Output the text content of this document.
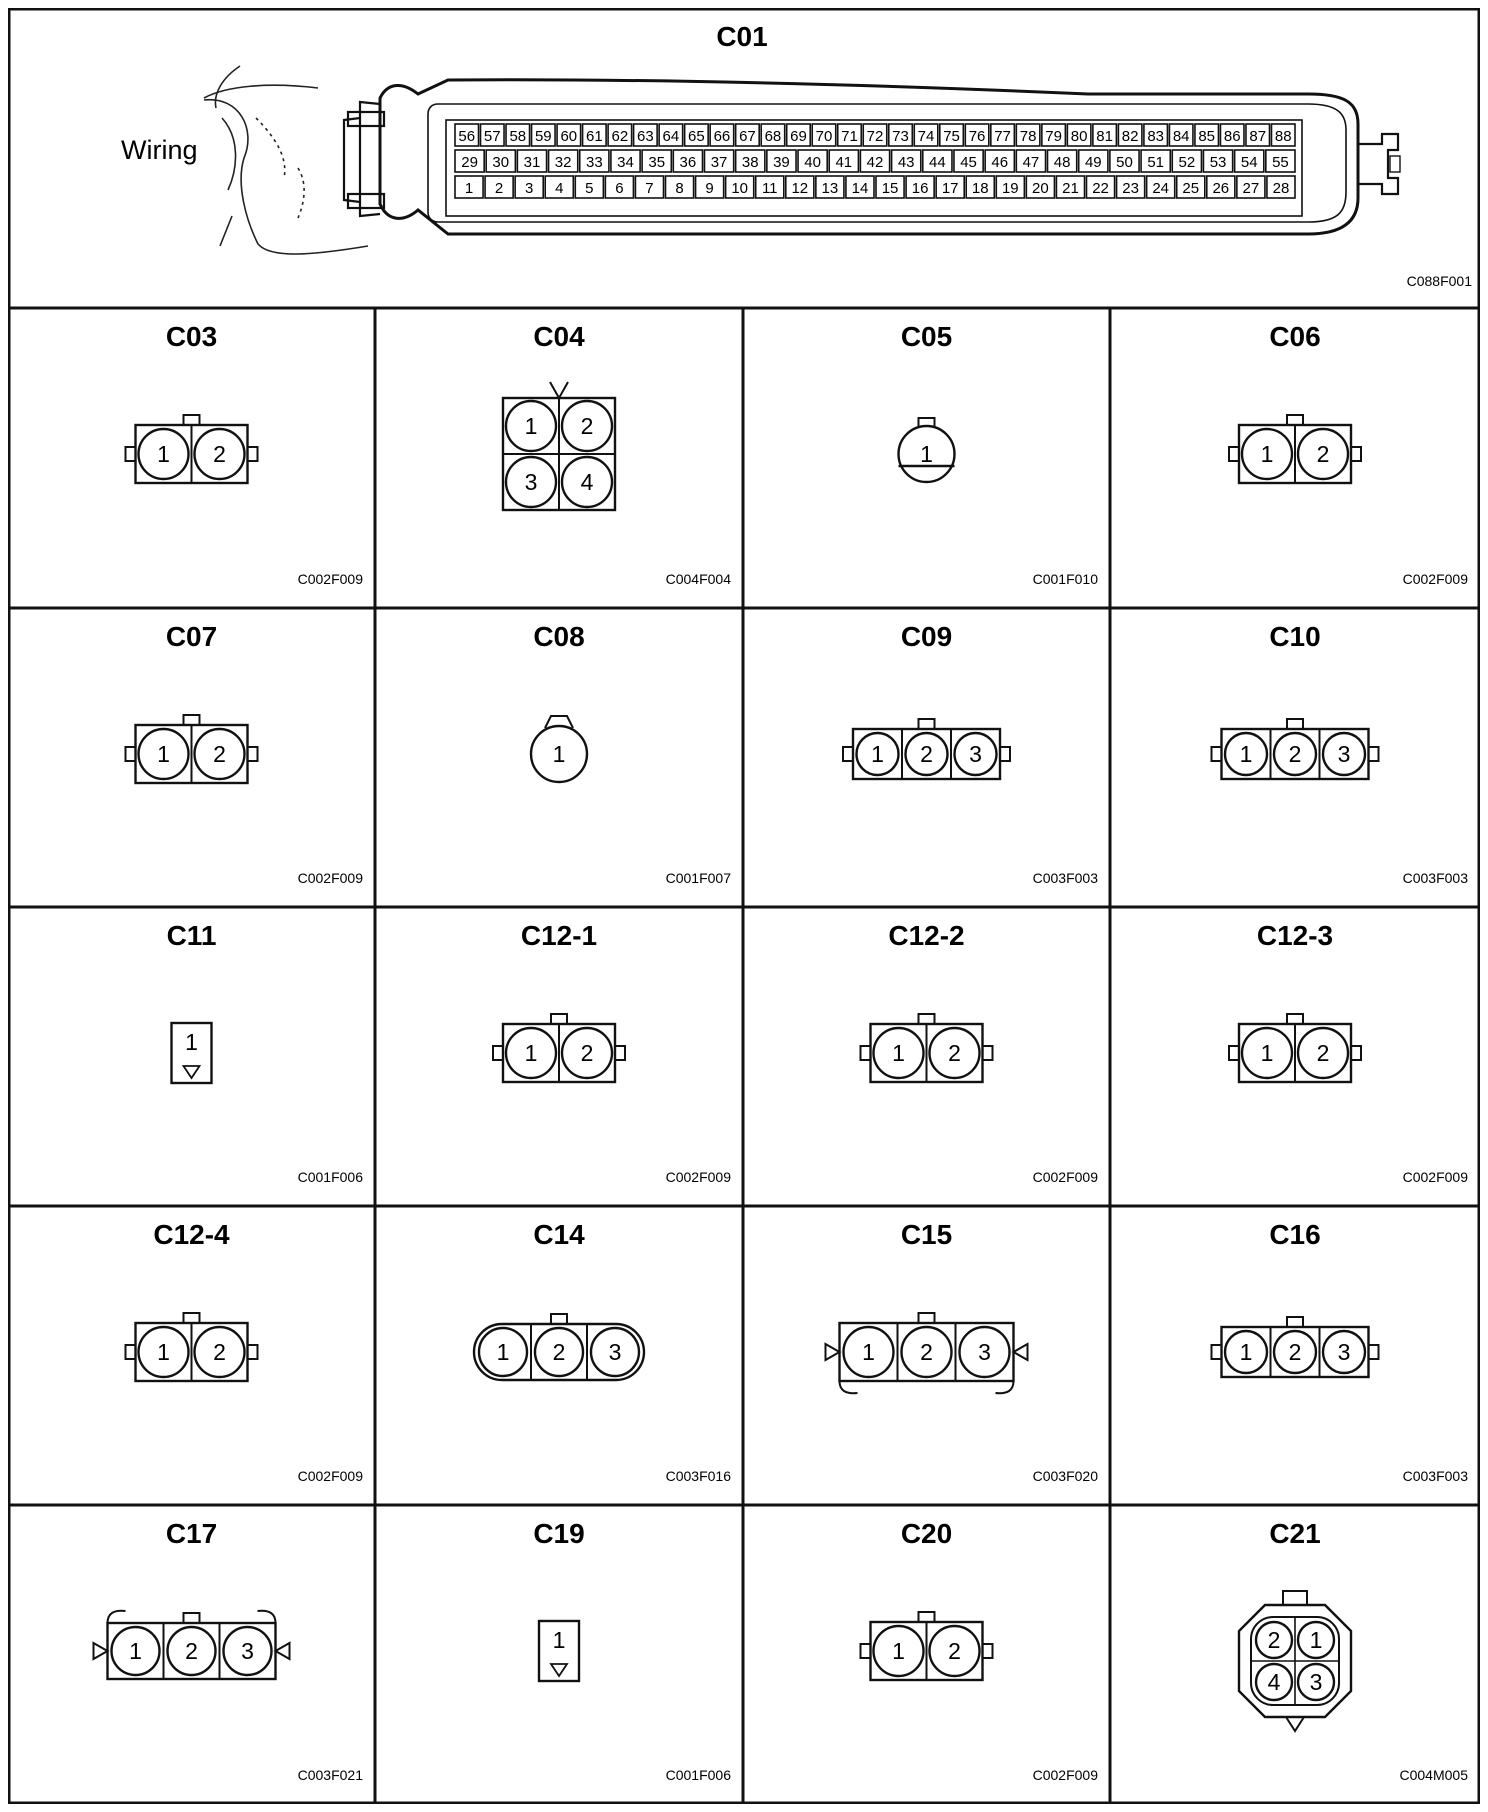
C01
Wiring
C088F001
56 57 58 59 60 61 62 63 64 65 66 67 68 69 70 71 72 73 74 75 76 77 78 79 80 81 82 83 84 85 86 87 88
29 30 31 32 33 34 35 36 37 38 39 40 41 42 43 44 45 46 47 48 49 50 51 52 53 54 55
1 2 3 4 5 6 7 8 9 10 11 12 13 14 15 16 17 18 19 20 21 22 23 24 25 26 27 28
C03
C002F009
1 2
C04
C004F004
1 2
3 4
C05
C001F010
1
C06
C002F009
1 2
C07
C002F009
1 2
C08
C001F007
1
C09
C003F003
1 2 3
C10
C003F003
1 2 3
C11
C001F006
1
C12-1
C002F009
1 2
C12-2
C002F009
1 2
C12-3
C002F009
1 2
C12-4
C002F009
1 2
C14
C003F016
1 2 3
C15
C003F020
1 2 3
C16
C003F003
1 2 3
C17
C003F021
1 2 3
C19
C001F006
1
C20
C002F009
1 2
C21
C004M005
2 1
4 3
